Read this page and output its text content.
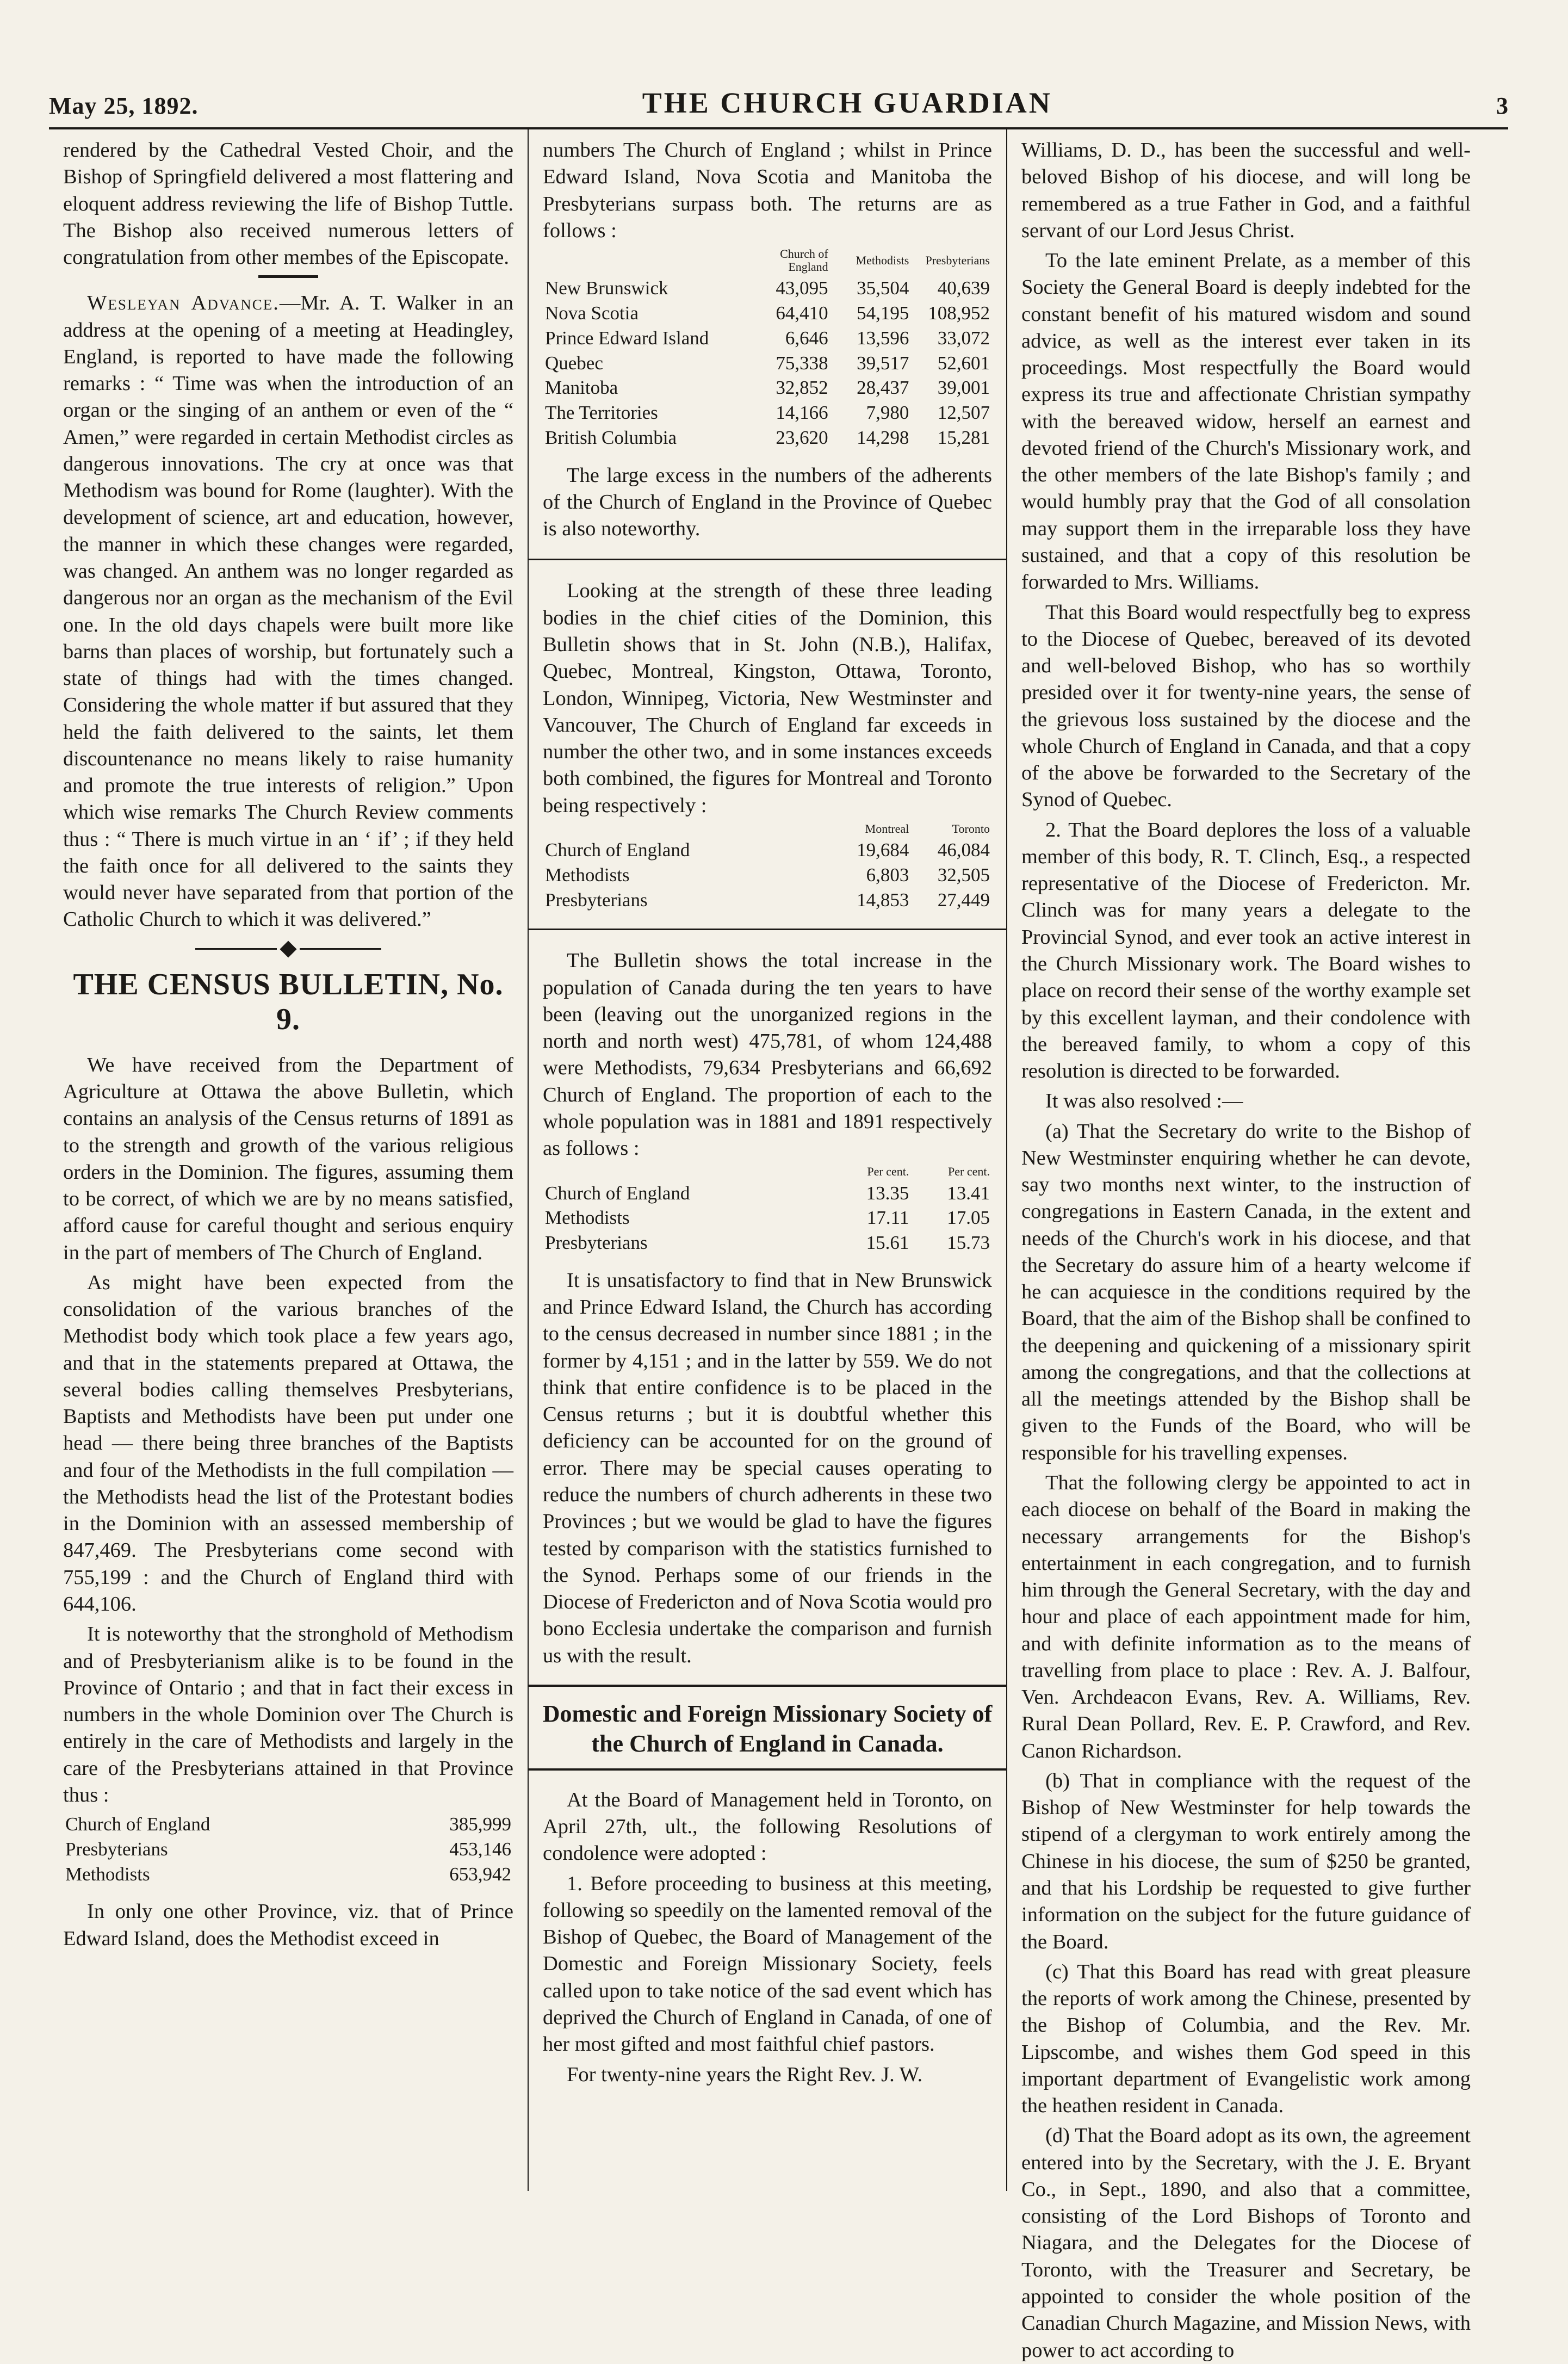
May 25, 1892.	THE CHURCH GUARDIAN	3

rendered by the Cathedral Vested Choir, and the Bishop of Springfield delivered a most flattering and eloquent address reviewing the life of Bishop Tuttle. The Bishop also received numerous letters of congratulation from other membes of the Episcopate.

Wesleyan Advance.—Mr. A. T. Walker in an address at the opening of a meeting at Headingley, England, is reported to have made the following remarks : “ Time was when the introduction of an organ or the singing of an anthem or even of the “ Amen,” were regarded in certain Methodist circles as dangerous innovations. The cry at once was that Methodism was bound for Rome (laughter). With the development of science, art and education, however, the manner in which these changes were regarded, was changed. An anthem was no longer regarded as dangerous nor an organ as the mechanism of the Evil one. In the old days chapels were built more like barns than places of worship, but fortunately such a state of things had with the times changed. Considering the whole matter if but assured that they held the faith delivered to the saints, let them discountenance no means likely to raise humanity and promote the true interests of religion.” Upon which wise remarks The Church Review comments thus : “ There is much virtue in an ‘ if’ ; if they held the faith once for all delivered to the saints they would never have separated from that portion of the Catholic Church to which it was delivered.”

THE CENSUS BULLETIN, No. 9.

We have received from the Department of Agriculture at Ottawa the above Bulletin, which contains an analysis of the Census returns of 1891 as to the strength and growth of the various religious orders in the Dominion. The figures, assuming them to be correct, of which we are by no means satisfied, afford cause for careful thought and serious enquiry in the part of members of The Church of England.

As might have been expected from the consolidation of the various branches of the Methodist body which took place a few years ago, and that in the statements prepared at Ottawa, the several bodies calling themselves Presbyterians, Baptists and Methodists have been put under one head — there being three branches of the Baptists and four of the Methodists in the full compilation — the Methodists head the list of the Protestant bodies in the Dominion with an assessed membership of 847,469. The Presbyterians come second with 755,199 : and the Church of England third with 644,106.

It is noteworthy that the stronghold of Methodism and of Presbyterianism alike is to be found in the Province of Ontario ; and that in fact their excess in numbers in the whole Dominion over The Church is entirely in the care of Methodists and largely in the care of the Presbyterians attained in that Province thus :

Church of England	385,999
Presbyterians	453,146
Methodists	653,942

In only one other Province, viz. that of Prince Edward Island, does the Methodist exceed in

numbers The Church of England ; whilst in Prince Edward Island, Nova Scotia and Manitoba the Presbyterians surpass both. The returns are as follows :

	Church of England	Methodists	Presbyterians
New Brunswick	43,095	35,504	40,639
Nova Scotia	64,410	54,195	108,952
Prince Edward Island	6,646	13,596	33,072
Quebec	75,338	39,517	52,601
Manitoba	32,852	28,437	39,001
The Territories	14,166	7,980	12,507
British Columbia	23,620	14,298	15,281

The large excess in the numbers of the adherents of the Church of England in the Province of Quebec is also noteworthy.

Looking at the strength of these three leading bodies in the chief cities of the Dominion, this Bulletin shows that in St. John (N.B.), Halifax, Quebec, Montreal, Kingston, Ottawa, Toronto, London, Winnipeg, Victoria, New Westminster and Vancouver, The Church of England far exceeds in number the other two, and in some instances exceeds both combined, the figures for Montreal and Toronto being respectively :

	Montreal	Toronto
Church of England	19,684	46,084
Methodists	6,803	32,505
Presbyterians	14,853	27,449

The Bulletin shows the total increase in the population of Canada during the ten years to have been (leaving out the unorganized regions in the north and north west) 475,781, of whom 124,488 were Methodists, 79,634 Presbyterians and 66,692 Church of England. The proportion of each to the whole population was in 1881 and 1891 respectively as follows :

	Per cent.	Per cent.
Church of England	13.35	13.41
Methodists	17.11	17.05
Presbyterians	15.61	15.73

It is unsatisfactory to find that in New Brunswick and Prince Edward Island, the Church has according to the census decreased in number since 1881 ; in the former by 4,151 ; and in the latter by 559. We do not think that entire confidence is to be placed in the Census returns ; but it is doubtful whether this deficiency can be accounted for on the ground of error. There may be special causes operating to reduce the numbers of church adherents in these two Provinces ; but we would be glad to have the figures tested by comparison with the statistics furnished to the Synod. Perhaps some of our friends in the Diocese of Fredericton and of Nova Scotia would pro bono Ecclesia undertake the comparison and furnish us with the result.

Domestic and Foreign Missionary Society of the Church of England in Canada.

At the Board of Management held in Toronto, on April 27th, ult., the following Resolutions of condolence were adopted :

1. Before proceeding to business at this meeting, following so speedily on the lamented removal of the Bishop of Quebec, the Board of Management of the Domestic and Foreign Missionary Society, feels called upon to take notice of the sad event which has deprived the Church of England in Canada, of one of her most gifted and most faithful chief pastors.

For twenty-nine years the Right Rev. J. W.

Williams, D. D., has been the successful and well-beloved Bishop of his diocese, and will long be remembered as a true Father in God, and a faithful servant of our Lord Jesus Christ.

To the late eminent Prelate, as a member of this Society the General Board is deeply indebted for the constant benefit of his matured wisdom and sound advice, as well as the interest ever taken in its proceedings. Most respectfully the Board would express its true and affectionate Christian sympathy with the bereaved widow, herself an earnest and devoted friend of the Church's Missionary work, and the other members of the late Bishop's family ; and would humbly pray that the God of all consolation may support them in the irreparable loss they have sustained, and that a copy of this resolution be forwarded to Mrs. Williams.

That this Board would respectfully beg to express to the Diocese of Quebec, bereaved of its devoted and well-beloved Bishop, who has so worthily presided over it for twenty-nine years, the sense of the grievous loss sustained by the diocese and the whole Church of England in Canada, and that a copy of the above be forwarded to the Secretary of the Synod of Quebec.

2. That the Board deplores the loss of a valuable member of this body, R. T. Clinch, Esq., a respected representative of the Diocese of Fredericton. Mr. Clinch was for many years a delegate to the Provincial Synod, and ever took an active interest in the Church Missionary work. The Board wishes to place on record their sense of the worthy example set by this excellent layman, and their condolence with the bereaved family, to whom a copy of this resolution is directed to be forwarded.

It was also resolved :—

(a) That the Secretary do write to the Bishop of New Westminster enquiring whether he can devote, say two months next winter, to the instruction of congregations in Eastern Canada, in the extent and needs of the Church's work in his diocese, and that the Secretary do assure him of a hearty welcome if he can acquiesce in the conditions required by the Board, that the aim of the Bishop shall be confined to the deepening and quickening of a missionary spirit among the congregations, and that the collections at all the meetings attended by the Bishop shall be given to the Funds of the Board, who will be responsible for his travelling expenses.

That the following clergy be appointed to act in each diocese on behalf of the Board in making the necessary arrangements for the Bishop's entertainment in each congregation, and to furnish him through the General Secretary, with the day and hour and place of each appointment made for him, and with definite information as to the means of travelling from place to place : Rev. A. J. Balfour, Ven. Archdeacon Evans, Rev. A. Williams, Rev. Rural Dean Pollard, Rev. E. P. Crawford, and Rev. Canon Richardson.

(b) That in compliance with the request of the Bishop of New Westminster for help towards the stipend of a clergyman to work entirely among the Chinese in his diocese, the sum of $250 be granted, and that his Lordship be requested to give further information on the subject for the future guidance of the Board.

(c) That this Board has read with great pleasure the reports of work among the Chinese, presented by the Bishop of Columbia, and the Rev. Mr. Lipscombe, and wishes them God speed in this important department of Evangelistic work among the heathen resident in Canada.

(d) That the Board adopt as its own, the agreement entered into by the Secretary, with the J. E. Bryant Co., in Sept., 1890, and also that a committee, consisting of the Lord Bishops of Toronto and Niagara, and the Delegates for the Diocese of Toronto, with the Treasurer and Secretary, be appointed to consider the whole position of the Canadian Church Magazine, and Mission News, with power to act according to
